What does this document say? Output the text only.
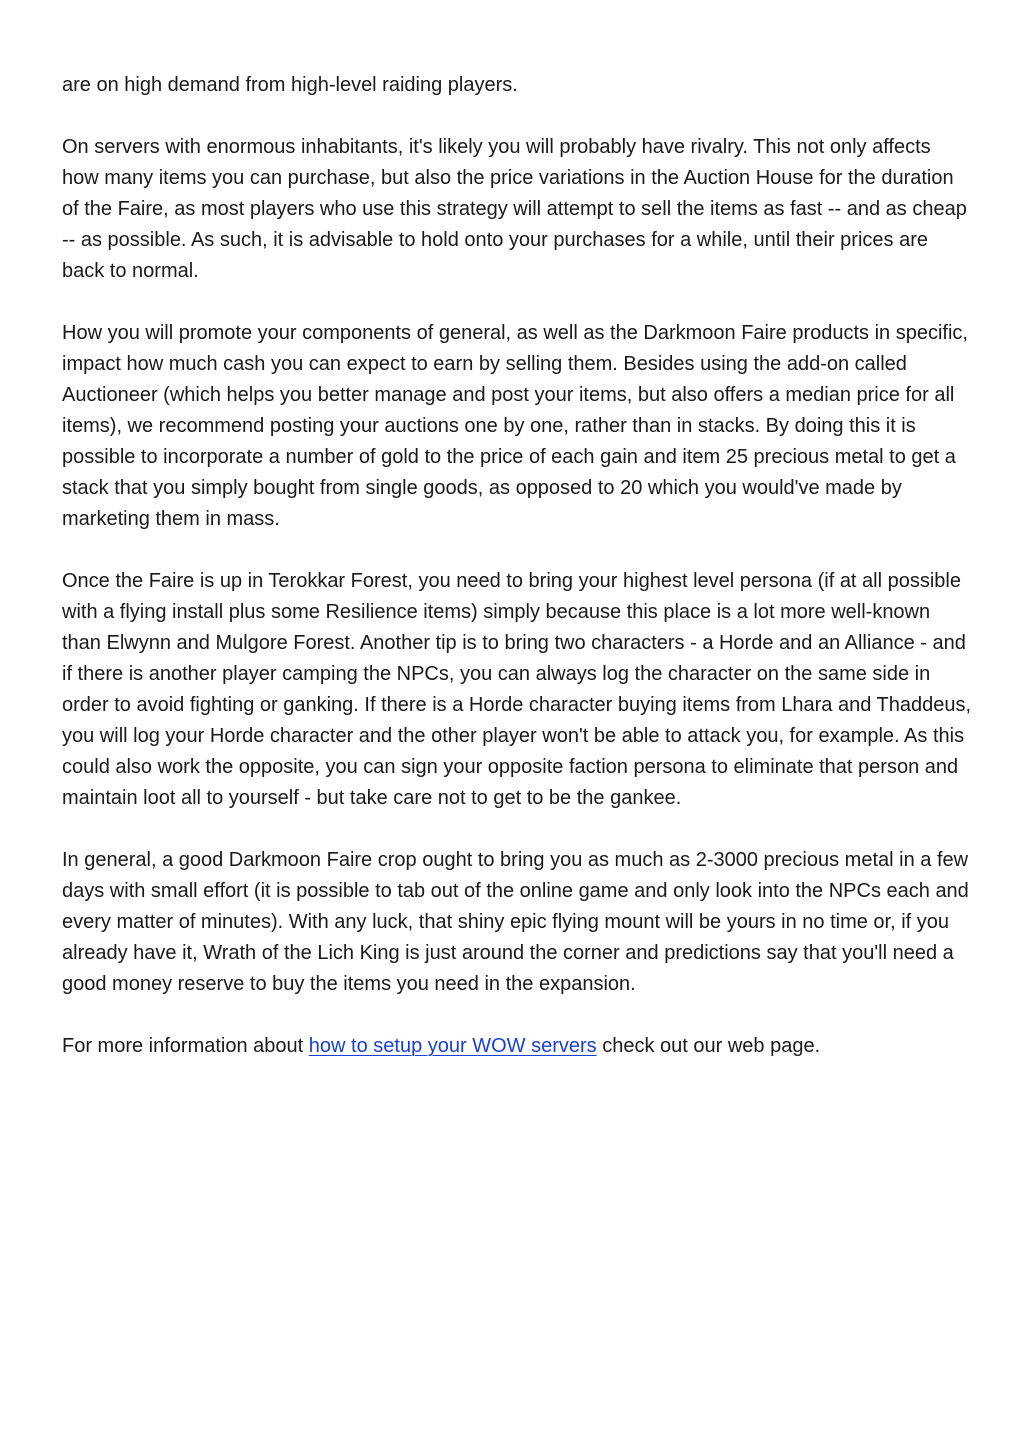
are on high demand from high-level raiding players.

On servers with enormous inhabitants, it's likely you will probably have rivalry. This not only affects how many items you can purchase, but also the price variations in the Auction House for the duration of the Faire, as most players who use this strategy will attempt to sell the items as fast -- and as cheap -- as possible. As such, it is advisable to hold onto your purchases for a while, until their prices are back to normal.

How you will promote your components of general, as well as the Darkmoon Faire products in specific, impact how much cash you can expect to earn by selling them. Besides using the add-on called Auctioneer (which helps you better manage and post your items, but also offers a median price for all items), we recommend posting your auctions one by one, rather than in stacks. By doing this it is possible to incorporate a number of gold to the price of each gain and item 25 precious metal to get a stack that you simply bought from single goods, as opposed to 20 which you would've made by marketing them in mass.

Once the Faire is up in Terokkar Forest, you need to bring your highest level persona (if at all possible with a flying install plus some Resilience items) simply because this place is a lot more well-known than Elwynn and Mulgore Forest. Another tip is to bring two characters - a Horde and an Alliance - and if there is another player camping the NPCs, you can always log the character on the same side in order to avoid fighting or ganking. If there is a Horde character buying items from Lhara and Thaddeus, you will log your Horde character and the other player won't be able to attack you, for example. As this could also work the opposite, you can sign your opposite faction persona to eliminate that person and maintain loot all to yourself - but take care not to get to be the gankee.

In general, a good Darkmoon Faire crop ought to bring you as much as 2-3000 precious metal in a few days with small effort (it is possible to tab out of the online game and only look into the NPCs each and every matter of minutes). With any luck, that shiny epic flying mount will be yours in no time or, if you already have it, Wrath of the Lich King is just around the corner and predictions say that you'll need a good money reserve to buy the items you need in the expansion.

For more information about how to setup your WOW servers check out our web page.
